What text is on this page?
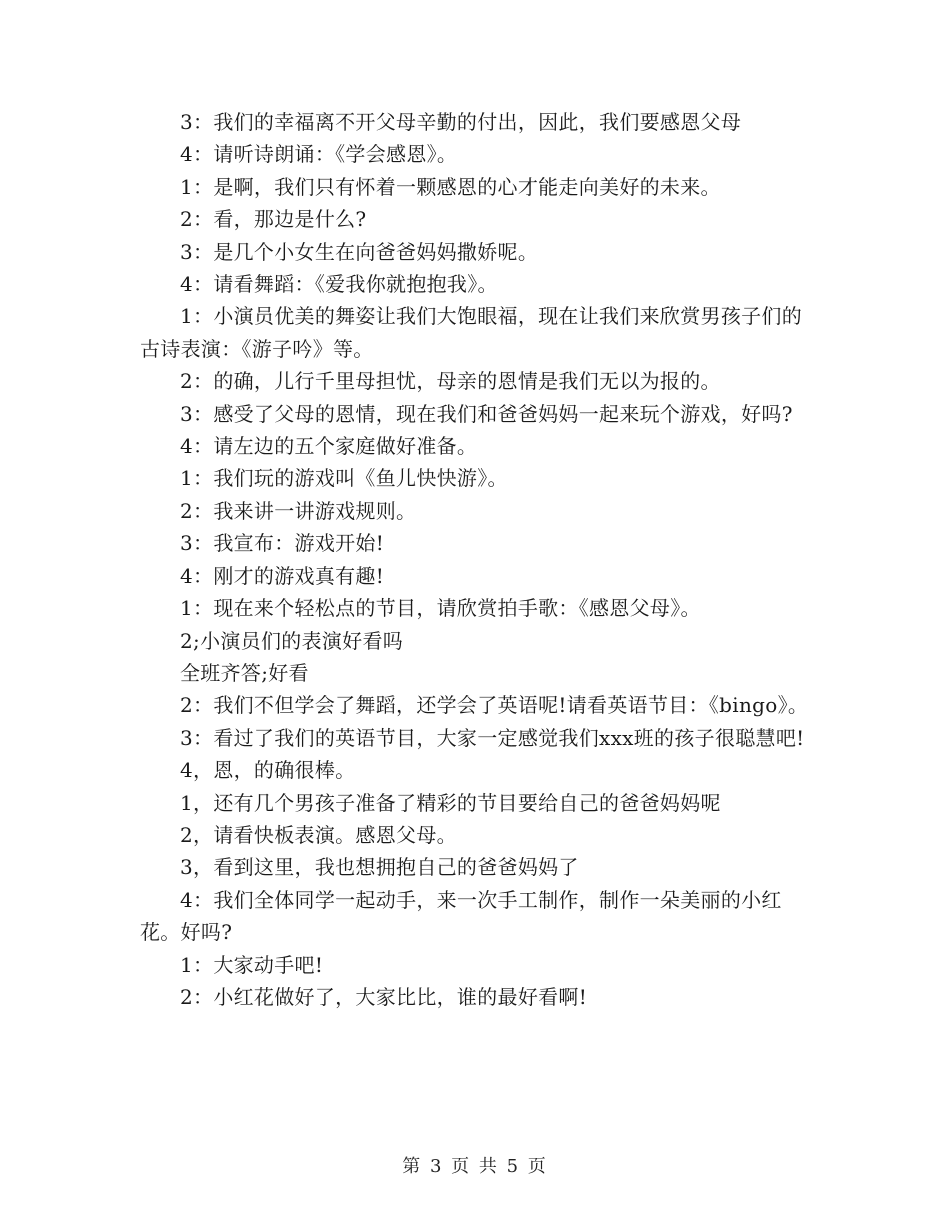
3：我们的幸福离不开父母辛勤的付出，因此，我们要感恩父母

4：请听诗朗诵：《学会感恩》。

1：是啊，我们只有怀着一颗感恩的心才能走向美好的未来。

2：看，那边是什么?

3：是几个小女生在向爸爸妈妈撒娇呢。

4：请看舞蹈：《爱我你就抱抱我》。

1：小演员优美的舞姿让我们大饱眼福，现在让我们来欣赏男孩子们的古诗表演：《游子吟》等。

2：的确，儿行千里母担忧，母亲的恩情是我们无以为报的。

3：感受了父母的恩情，现在我们和爸爸妈妈一起来玩个游戏，好吗?

4：请左边的五个家庭做好准备。

1：我们玩的游戏叫《鱼儿快快游》。

2：我来讲一讲游戏规则。

3：我宣布：游戏开始!

4：刚才的游戏真有趣!

1：现在来个轻松点的节目，请欣赏拍手歌：《感恩父母》。

2;小演员们的表演好看吗

全班齐答;好看

2：我们不但学会了舞蹈，还学会了英语呢!请看英语节目：《bingo》。

3：看过了我们的英语节目，大家一定感觉我们xxx班的孩子很聪慧吧!

4，恩，的确很棒。

1，还有几个男孩子准备了精彩的节目要给自己的爸爸妈妈呢

2，请看快板表演。感恩父母。

3，看到这里，我也想拥抱自己的爸爸妈妈了

4：我们全体同学一起动手，来一次手工制作，制作一朵美丽的小红花。好吗?

1：大家动手吧!

2：小红花做好了，大家比比，谁的最好看啊!

第 3 页 共 5 页
